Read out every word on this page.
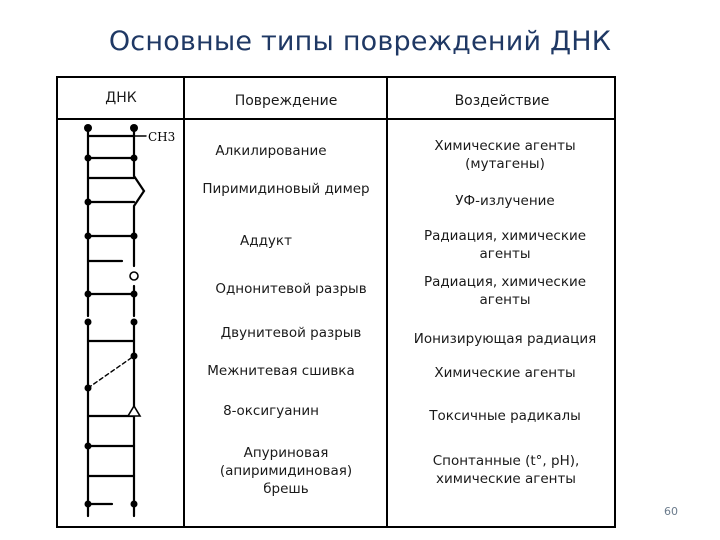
Основные типы повреждений ДНК
ДНК	Повреждение	Воздействие
Алкилирование
Пиримидиновый димер
Аддукт
Однонитевой разрыв
Двунитевой разрыв
Межнитевая сшивка
8-оксигуанин
Апуриновая (апиримидиновая) брешь
Химические агенты (мутагены)
УФ-излучение
Радиация, химические агенты
Радиация, химические агенты
Ионизирующая радиация
Химические агенты
Токсичные радикалы
Спонтанные (t°, pH), химические агенты
CH3
60
